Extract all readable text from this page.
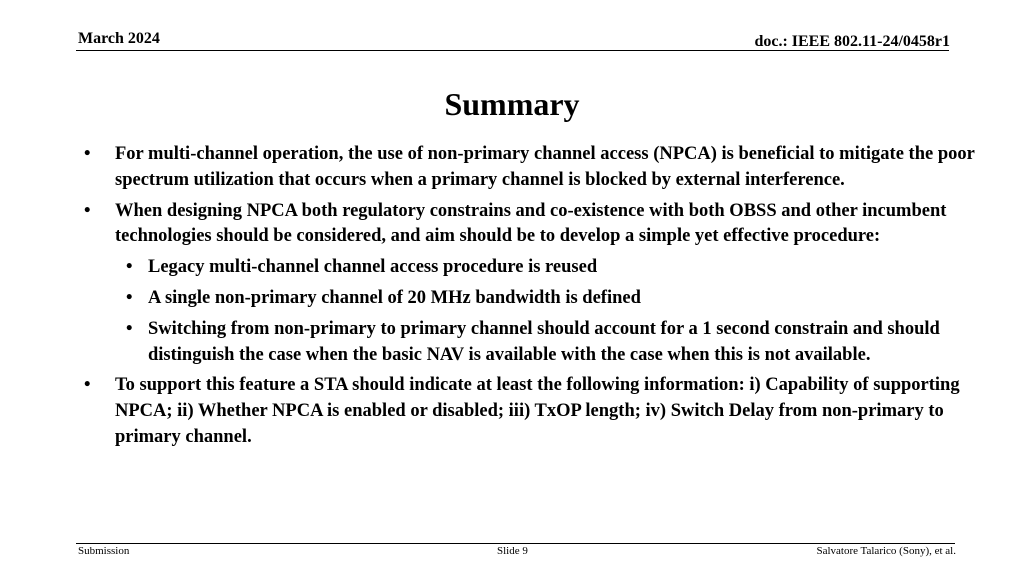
March 2024	doc.: IEEE 802.11-24/0458r1
Summary
• For multi-channel operation, the use of non-primary channel access (NPCA) is beneficial to mitigate the poor spectrum utilization that occurs when a primary channel is blocked by external interference.
• When designing NPCA both regulatory constrains and co-existence with both OBSS and other incumbent technologies should be considered, and aim should be to develop a simple yet effective procedure:
• Legacy multi-channel channel access procedure is reused
• A single non-primary channel of 20 MHz bandwidth is defined
• Switching from non-primary to primary channel should account for a 1 second constrain and should distinguish the case when the basic NAV is available with the case when this is not available.
• To support this feature a STA should indicate at least the following information: i) Capability of supporting NPCA; ii) Whether NPCA is enabled or disabled; iii) TxOP length; iv) Switch Delay from non-primary to primary channel.
Submission	Slide 9	Salvatore Talarico (Sony), et al.
